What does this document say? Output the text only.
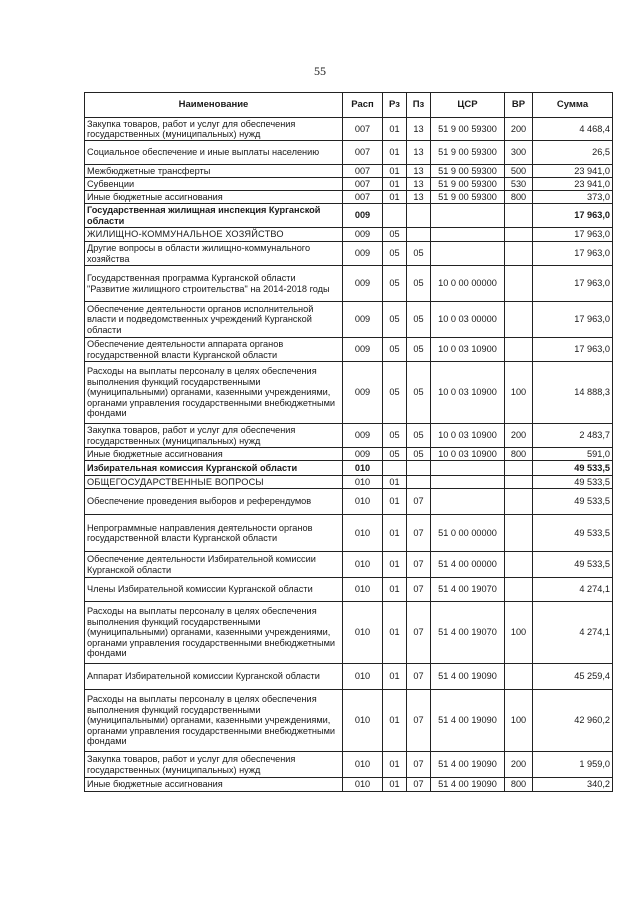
55
Наименование	Расп	Рз	Пз	ЦСР	ВР	Сумма
Закупка товаров, работ и услуг для обеспечения государственных (муниципальных) нужд	007	01	13	51 9 00 59300	200	4 468,4
Социальное обеспечение и иные выплаты населению	007	01	13	51 9 00 59300	300	26,5
Межбюджетные трансферты	007	01	13	51 9 00 59300	500	23 941,0
Субвенции	007	01	13	51 9 00 59300	530	23 941,0
Иные бюджетные ассигнования	007	01	13	51 9 00 59300	800	373,0
Государственная жилищная инспекция Курганской области	009					17 963,0
ЖИЛИЩНО-КОММУНАЛЬНОЕ ХОЗЯЙСТВО	009	05				17 963,0
Другие вопросы в области жилищно-коммунального хозяйства	009	05	05			17 963,0
Государственная программа Курганской области "Развитие жилищного строительства" на 2014-2018 годы	009	05	05	10 0 00 00000		17 963,0
Обеспечение деятельности органов исполнительной власти и подведомственных учреждений Курганской области	009	05	05	10 0 03 00000		17 963,0
Обеспечение деятельности аппарата органов государственной власти Курганской области	009	05	05	10 0 03 10900		17 963,0
Расходы на выплаты персоналу в целях обеспечения выполнения функций государственными (муниципальными) органами, казенными учреждениями, органами управления государственными внебюджетными фондами	009	05	05	10 0 03 10900	100	14 888,3
Закупка товаров, работ и услуг для обеспечения государственных (муниципальных) нужд	009	05	05	10 0 03 10900	200	2 483,7
Иные бюджетные ассигнования	009	05	05	10 0 03 10900	800	591,0
Избирательная комиссия Курганской области	010					49 533,5
ОБЩЕГОСУДАРСТВЕННЫЕ ВОПРОСЫ	010	01				49 533,5
Обеспечение проведения выборов и референдумов	010	01	07			49 533,5
Непрограммные направления деятельности органов государственной власти Курганской области	010	01	07	51 0 00 00000		49 533,5
Обеспечение деятельности Избирательной комиссии Курганской области	010	01	07	51 4 00 00000		49 533,5
Члены Избирательной комиссии Курганской области	010	01	07	51 4 00 19070		4 274,1
Расходы на выплаты персоналу в целях обеспечения выполнения функций государственными (муниципальными) органами, казенными учреждениями, органами управления государственными внебюджетными фондами	010	01	07	51 4 00 19070	100	4 274,1
Аппарат Избирательной комиссии Курганской области	010	01	07	51 4 00 19090		45 259,4
Расходы на выплаты персоналу в целях обеспечения выполнения функций государственными (муниципальными) органами, казенными учреждениями, органами управления государственными внебюджетными фондами	010	01	07	51 4 00 19090	100	42 960,2
Закупка товаров, работ и услуг для обеспечения государственных (муниципальных) нужд	010	01	07	51 4 00 19090	200	1 959,0
Иные бюджетные ассигнования	010	01	07	51 4 00 19090	800	340,2
